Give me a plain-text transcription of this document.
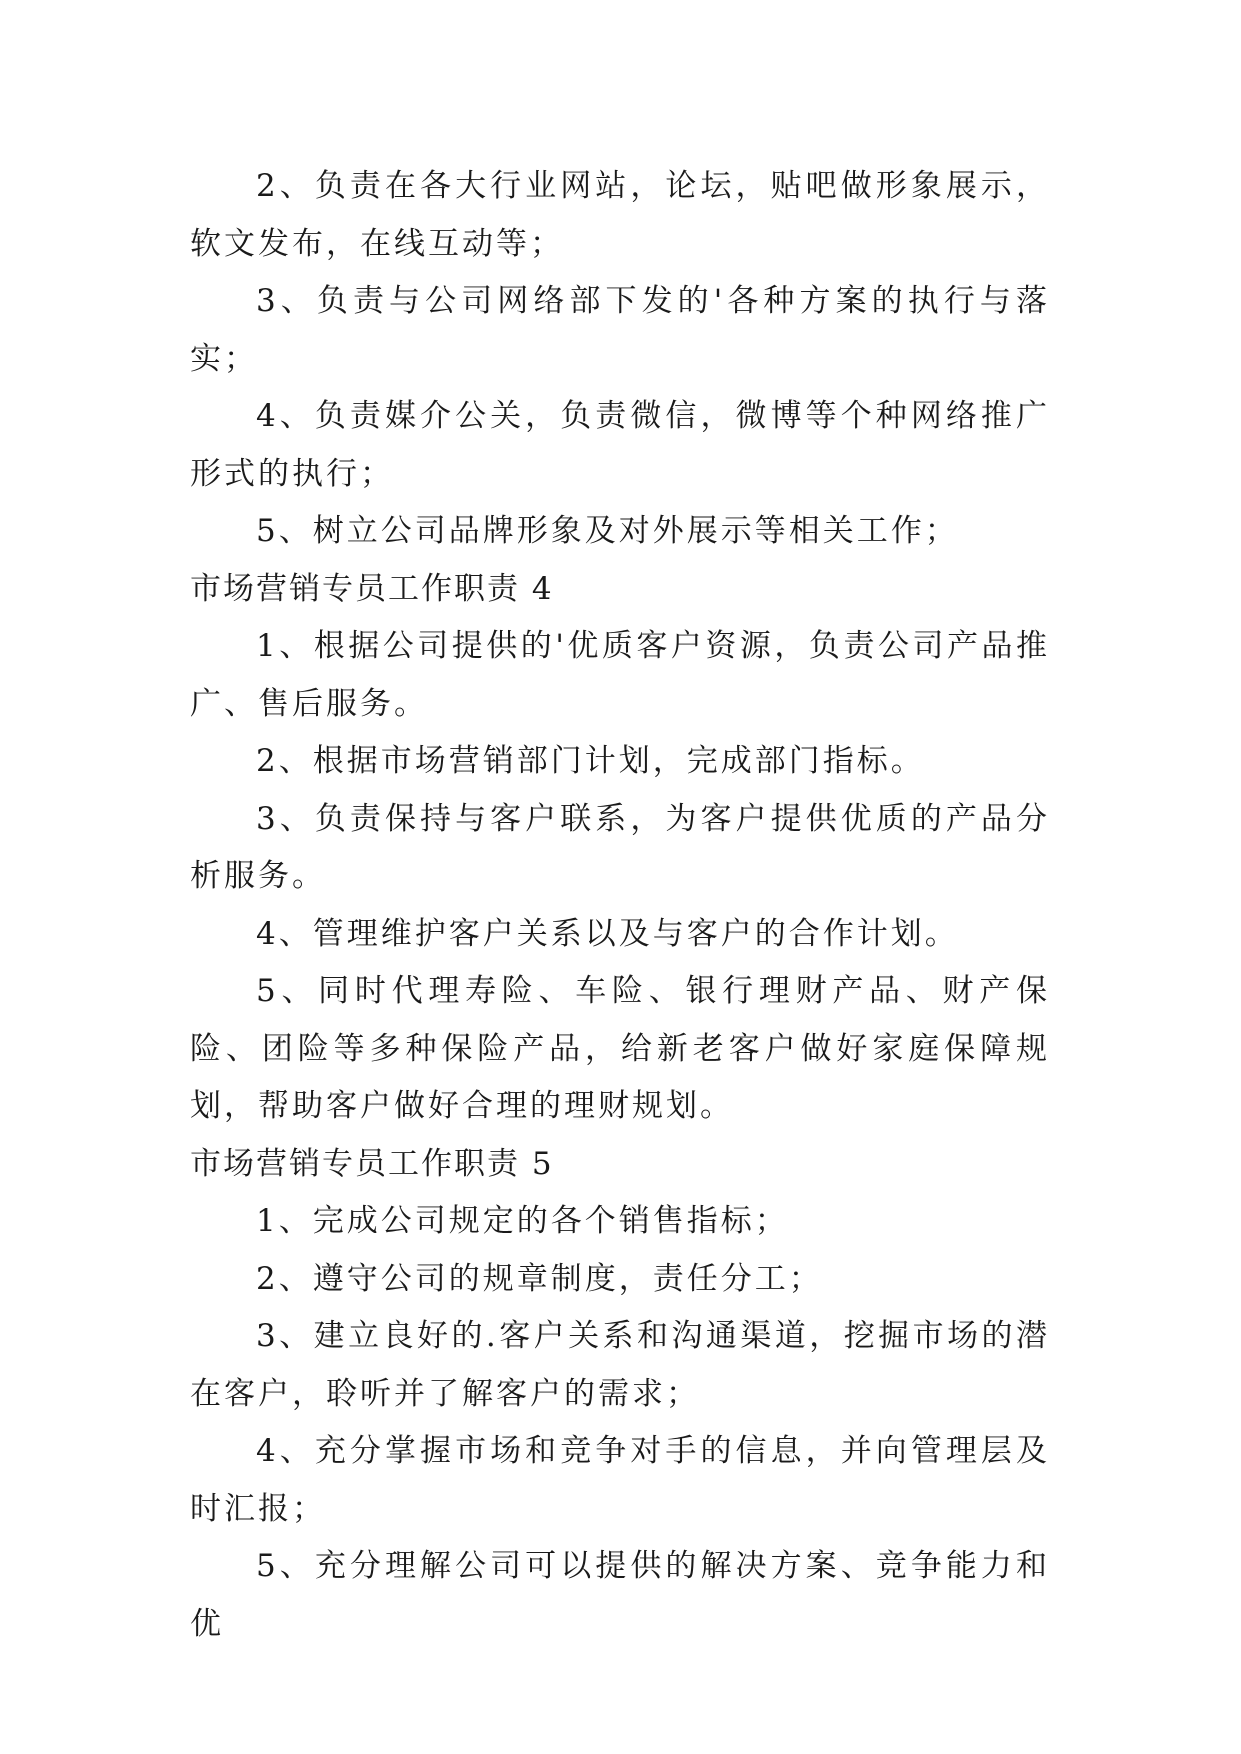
2、负责在各大行业网站，论坛，贴吧做形象展示，软文发布，在线互动等；

3、负责与公司网络部下发的'各种方案的执行与落实；

4、负责媒介公关，负责微信，微博等个种网络推广形式的执行；

5、树立公司品牌形象及对外展示等相关工作；

市场营销专员工作职责 4

1、根据公司提供的'优质客户资源，负责公司产品推广、售后服务。

2、根据市场营销部门计划，完成部门指标。

3、负责保持与客户联系，为客户提供优质的产品分析服务。

4、管理维护客户关系以及与客户的合作计划。

5、同时代理寿险、车险、银行理财产品、财产保险、团险等多种保险产品，给新老客户做好家庭保障规划，帮助客户做好合理的理财规划。

市场营销专员工作职责 5

1、完成公司规定的各个销售指标；

2、遵守公司的规章制度，责任分工；

3、建立良好的.客户关系和沟通渠道，挖掘市场的潜在客户，聆听并了解客户的需求；

4、充分掌握市场和竞争对手的信息，并向管理层及时汇报；

5、充分理解公司可以提供的解决方案、竞争能力和优
